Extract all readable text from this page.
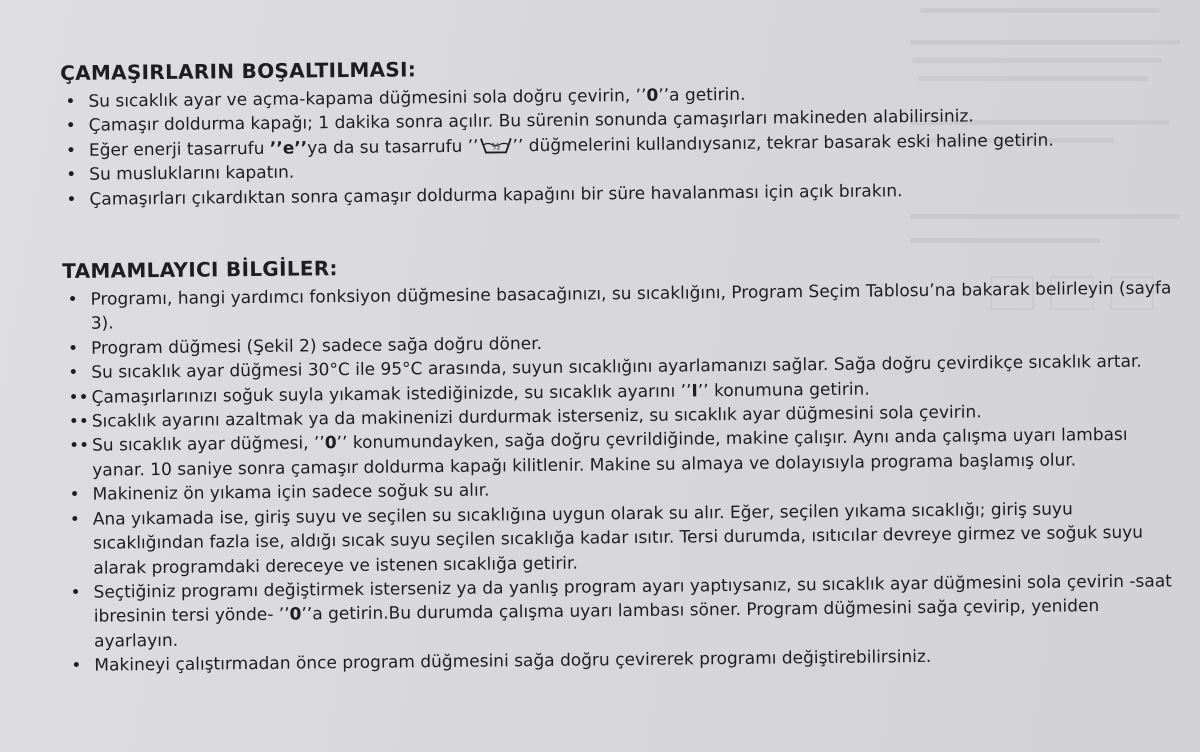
ÇAMAŞIRLARIN BOŞALTILMASI:
• Su sıcaklık ayar ve açma-kapama düğmesini sola doğru çevirin, ’’0’’a getirin.
• Çamaşır doldurma kapağı; 1 dakika sonra açılır. Bu sürenin sonunda çamaşırları makineden alabilirsiniz.
• Eğer enerji tasarrufu ’’e’’ya da su tasarrufu ’’ ½ ’’ düğmelerini kullandıysanız, tekrar basarak eski haline getirin.
• Su musluklarını kapatın.
• Çamaşırları çıkardıktan sonra çamaşır doldurma kapağını bir süre havalanması için açık bırakın.
TAMAMLAYICI BİLGİLER:
• Programı, hangi yardımcı fonksiyon düğmesine basacağınızı, su sıcaklığını, Program Seçim Tablosu’na bakarak belirleyin (sayfa 3).
• Program düğmesi (Şekil 2) sadece sağa doğru döner.
• Su sıcaklık ayar düğmesi 30°C ile 95°C arasında, suyun sıcaklığını ayarlamanızı sağlar. Sağa doğru çevirdikçe sıcaklık artar.
•• Çamaşırlarınızı soğuk suyla yıkamak istediğinizde, su sıcaklık ayarını ’’I’’ konumuna getirin.
•• Sıcaklık ayarını azaltmak ya da makinenizi durdurmak isterseniz, su sıcaklık ayar düğmesini sola çevirin.
•• Su sıcaklık ayar düğmesi, ’’0’’ konumundayken, sağa doğru çevrildiğinde, makine çalışır. Aynı anda çalışma uyarı lambası yanar. 10 saniye sonra çamaşır doldurma kapağı kilitlenir. Makine su almaya ve dolayısıyla programa başlamış olur.
• Makineniz ön yıkama için sadece soğuk su alır.
• Ana yıkamada ise, giriş suyu ve seçilen su sıcaklığına uygun olarak su alır. Eğer, seçilen yıkama sıcaklığı; giriş suyu sıcaklığından fazla ise, aldığı sıcak suyu seçilen sıcaklığa kadar ısıtır. Tersi durumda, ısıtıcılar devreye girmez ve soğuk suyu alarak programdaki dereceye ve istenen sıcaklığa getirir.
• Seçtiğiniz programı değiştirmek isterseniz ya da yanlış program ayarı yaptıysanız, su sıcaklık ayar düğmesini sola çevirin -saat ibresinin tersi yönde- ’’0’’a getirin.Bu durumda çalışma uyarı lambası söner. Program düğmesini sağa çevirip, yeniden ayarlayın.
• Makineyi çalıştırmadan önce program düğmesini sağa doğru çevirerek programı değiştirebilirsiniz.
